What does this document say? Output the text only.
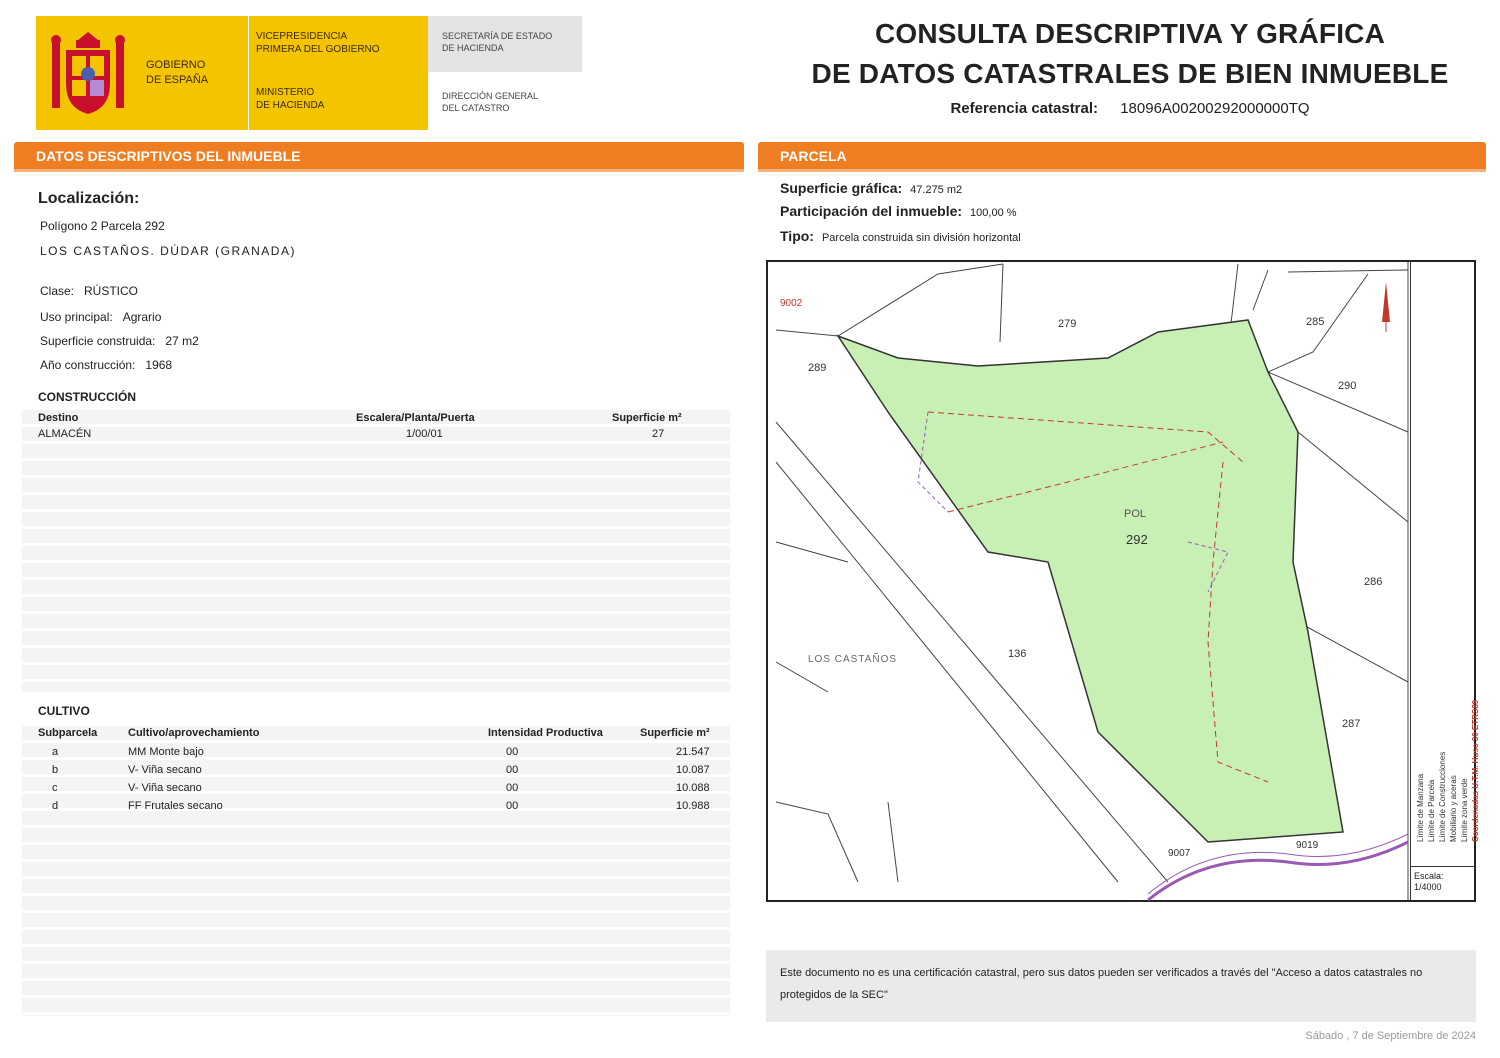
GOBIERNO
DE ESPAÑA
VICEPRESIDENCIA
PRIMERA DEL GOBIERNO
MINISTERIO
DE HACIENDA
SECRETARÍA DE ESTADO
DE HACIENDA
DIRECCIÓN GENERAL
DEL CATASTRO
CONSULTA DESCRIPTIVA Y GRÁFICA
DE DATOS CATASTRALES DE BIEN INMUEBLE
Referencia catastral: 18096A00200292000000TQ
DATOS DESCRIPTIVOS DEL INMUEBLE
Localización:
Polígono 2 Parcela 292
LOS CASTAÑOS. DÚDAR (GRANADA)
Clase: RÚSTICO
Uso principal: Agrario
Superficie construida: 27 m2
Año construcción: 1968
CONSTRUCCIÓN
Destino	Escalera/Planta/Puerta	Superficie m²
ALMACÉN	1/00/01	27
CULTIVO
Subparcela	Cultivo/aprovechamiento	Intensidad Productiva	Superficie m²
a	MM Monte bajo	00	21.547
b	V- Viña secano	00	10.087
c	V- Viña secano	00	10.088
d	FF Frutales secano	00	10.988
PARCELA
Superficie gráfica: 47.275 m2
Participación del inmueble: 100,00 %
Tipo: Parcela construida sin división horizontal
292
POL
279	285
289
290
286
287
136
9002
9007
9019
LOS CASTAÑOS
Límite de Manzana Límite de Parcela Límite de Construcciones Mobiliario y aceras Límite zona verde Coordenadas U.T.M. Huso 30 ETRS89
Escala:
1/4000
Este documento no es una certificación catastral, pero sus datos pueden ser verificados a través del "Acceso a datos catastrales no protegidos de la SEC"
Sábado , 7 de Septiembre de 2024
